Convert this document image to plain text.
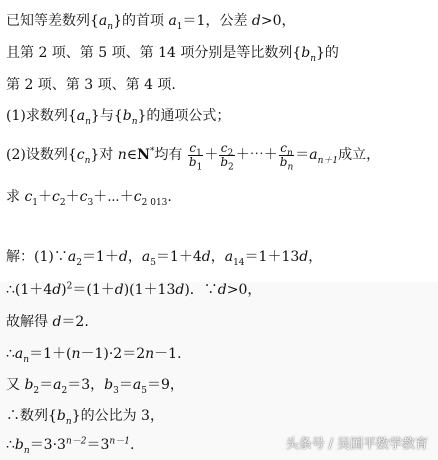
已知等差数列$\{a_n\}$的首项 $a_1=1$，公差 d>0，
且第 2 项、第 5 项、第 14 项分别是等比数列$\{b_n\}$的
第 2 项、第 3 项、第 4 项.
(1)求数列$\{a_n\}$与$\{b_n\}$的通项公式；
(2)设数列$\{c_n\}$对 n∈N*均有 $\frac{c_1}{b_1} + \frac{c_2}{b_2}$ ＋⋯＋ $\frac{c_n}{b_n} =a_{n+1}$成立，
求 $c_1+c_2+c_3+\cdots+c_{2 013}$.
解：$(1)\because a_2=1+d$，$a_5=1+4d$，$a_{14}=1+13d$，
$\therefore(1+4d)^2=(1+d)(1+13d)$．∵d>0，
故解得 d＝2.
$\therefore a_n=1+(n-1)\cdot 2=2n-1$.
又 $b_2=a_2=3$，$b_3=a_5=9$，
∴数列$\{b_n\}$的公比为 3，
$\therefore b_n=3\cdot 3^{n-2}=3^{n-1}$.	头条号 / 吴国平数学教育
